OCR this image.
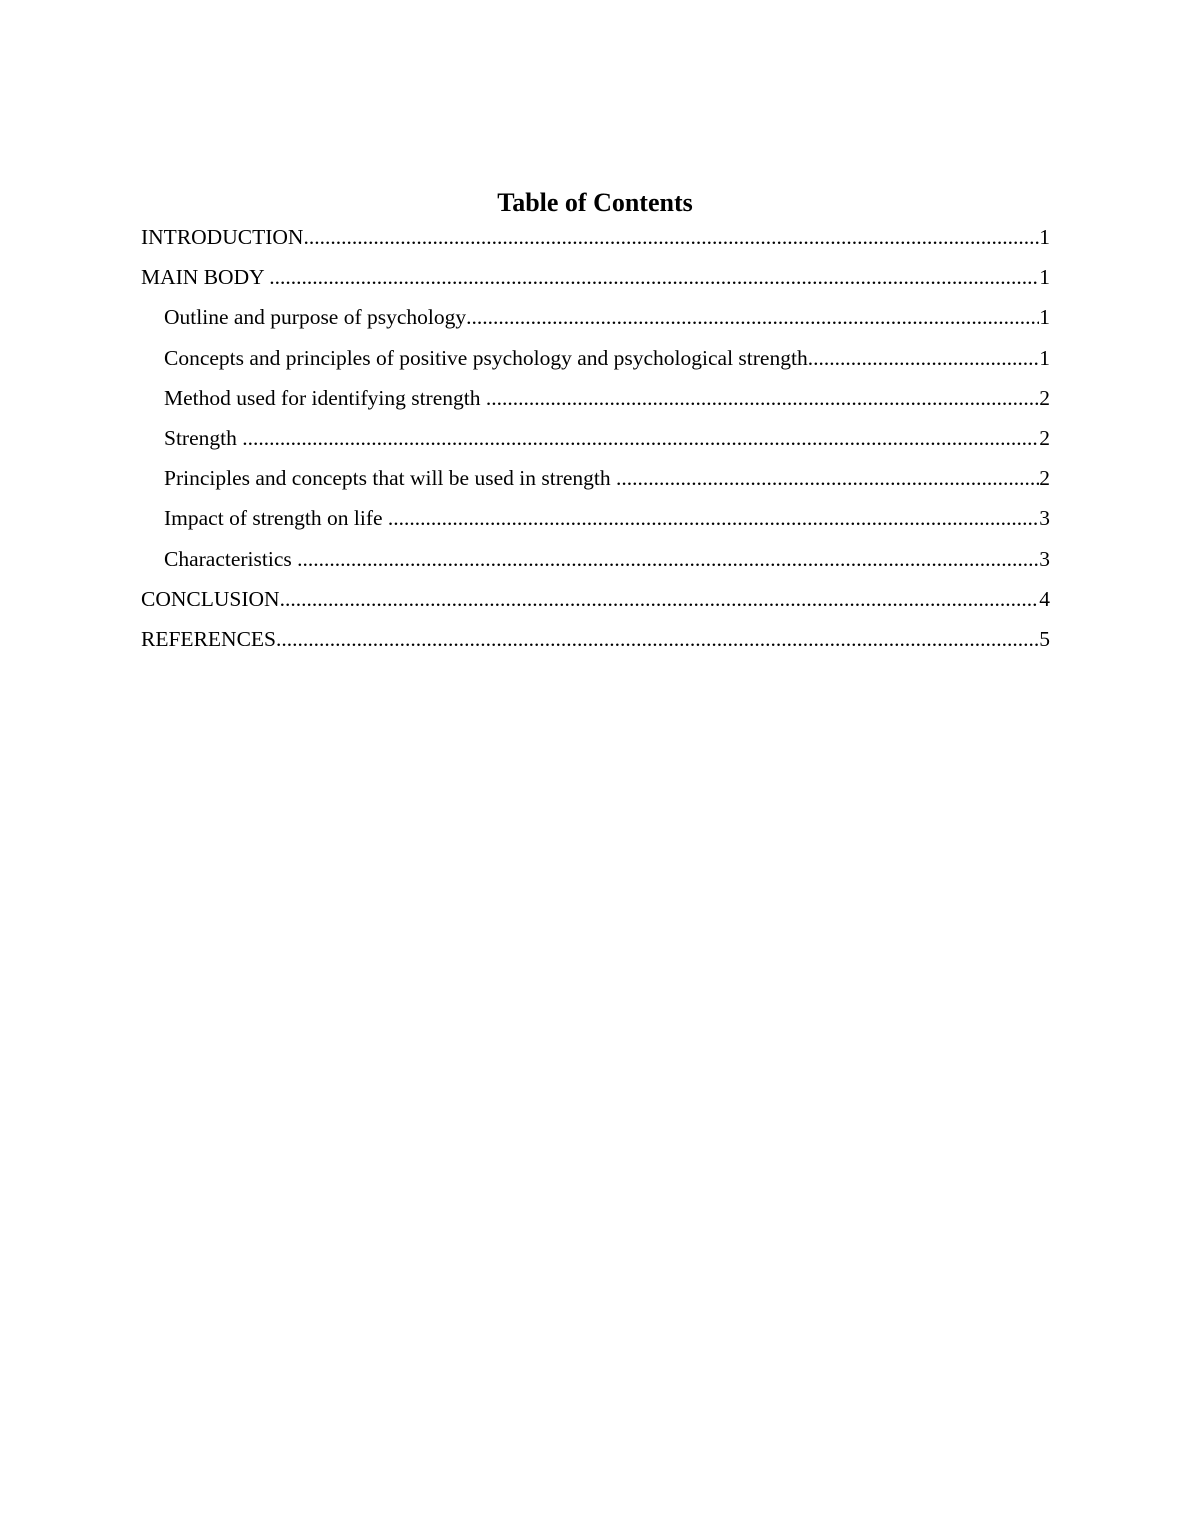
Table of Contents
INTRODUCTION .....	1
MAIN BODY .....	1
Outline and purpose of psychology .....	1
Concepts and principles of positive psychology and psychological strength .....	1
Method used for identifying strength .....	2
Strength .....	2
Principles and concepts that will be used in strength .....	2
Impact of strength on life .....	3
Characteristics .....	3
CONCLUSION .....	4
REFERENCES .....	5
